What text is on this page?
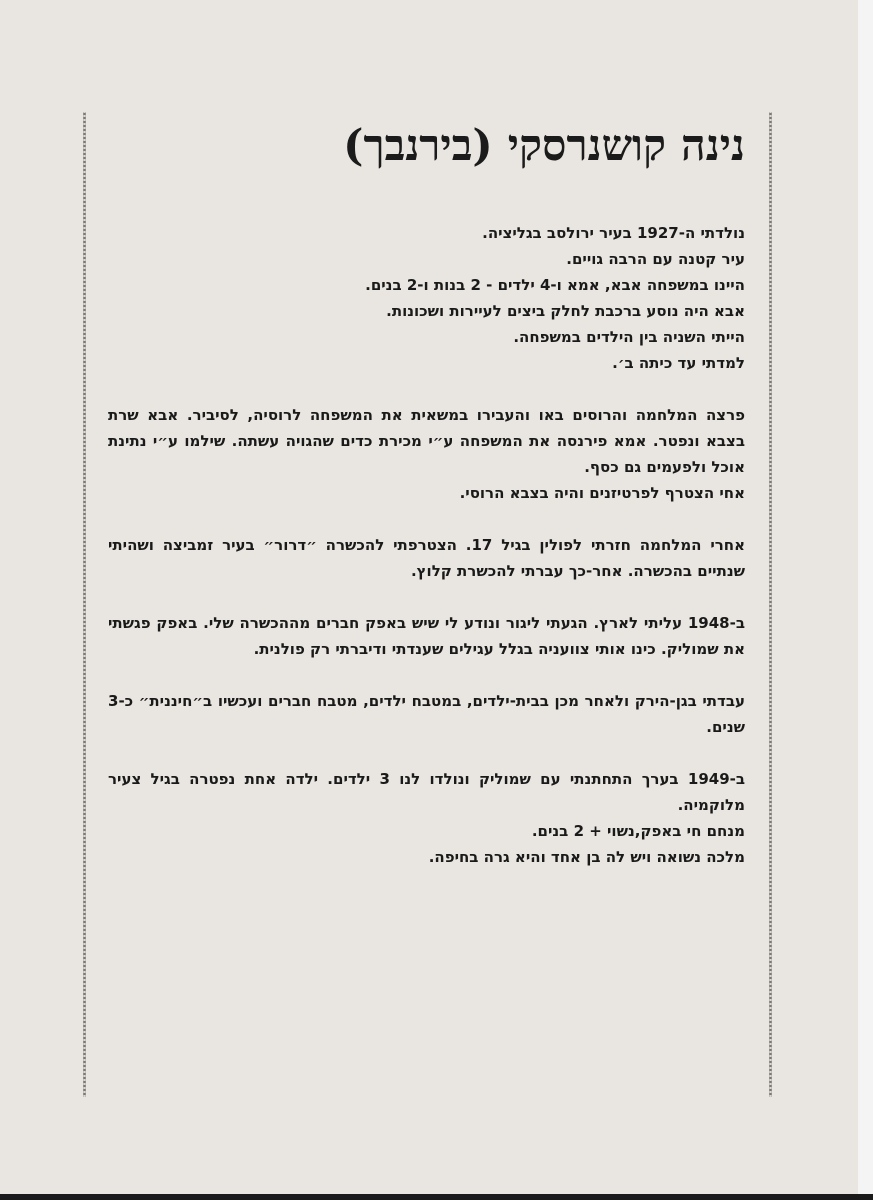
נינה קושנרסקי (בירנבך)

נולדתי ה-1927 בעיר ירולסב בגליציה.
עיר קטנה עם הרבה גויים.
היינו במשפחה אבא, אמא ו-4 ילדים - 2 בנות ו-2 בנים.
אבא היה נוסע ברכבת לחלק ביצים לעיירות ושכונות.
הייתי השניה בין הילדים במשפחה.
למדתי עד כיתה ב׳.

פרצה המלחמה והרוסים באו והעבירו במשאית את המשפחה לרוסיה, לסיביר. אבא שרת בצבא ונפטר. אמא פירנסה את המשפחה ע״י מכירת כדים שהגויה עשתה. שילמו ע״י נתינת אוכל ולפעמים גם כסף.
אחי הצטרף לפרטיזנים והיה בצבא הרוסי.

אחרי המלחמה חזרתי לפולין בגיל 17. הצטרפתי להכשרה ״דרור״ בעיר זמביצה ושהיתי שנתיים בהכשרה. אחר-כך עברתי להכשרת קלוץ.

ב-1948 עליתי לארץ. הגעתי ליגור ונודע לי שיש באפק חברים מההכשרה שלי. באפק פגשתי את שמוליק. כינו אותי צוועניה בגלל עגילים שענדתי ודיברתי רק פולנית.

עבדתי בגן-הירק ולאחר מכן בבית-ילדים, במטבח ילדים, מטבח חברים ועכשיו ב״חיננית״ כ-3 שנים.

ב-1949 בערך התחתנתי עם שמוליק ונולדו לנו 3 ילדים. ילדה אחת נפטרה בגיל צעיר מלוקמיה.
מנחם חי באפק,נשוי + 2 בנים.
מלכה נשואה ויש לה בן אחד והיא גרה בחיפה.
